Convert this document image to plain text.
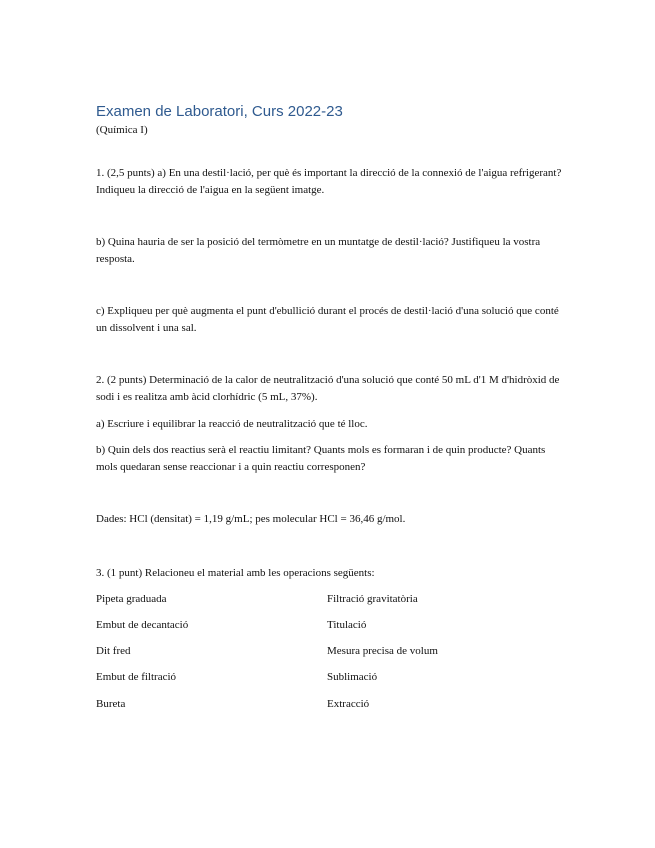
Examen de Laboratori, Curs 2022-23
(Química I)
1. (2,5 punts) a) En una destil·lació, per què és important la direcció de la connexió de l'aigua refrigerant? Indiqueu la direcció de l'aigua en la següent imatge.
b) Quina hauria de ser la posició del termòmetre en un muntatge de destil·lació? Justifiqueu la vostra resposta.
c) Expliqueu per què augmenta el punt d'ebullició durant el procés de destil·lació d'una solució que conté un dissolvent i una sal.
2. (2 punts) Determinació de la calor de neutralització d'una solució que conté 50 mL d'1 M d'hidròxid de sodi i es realitza amb àcid clorhídric (5 mL, 37%).
a) Escriure i equilibrar la reacció de neutralització que té lloc.
b) Quin dels dos reactius serà el reactiu limitant? Quants mols es formaran i de quin producte? Quants mols quedaran sense reaccionar i a quin reactiu corresponen?
Dades: HCl (densitat) = 1,19 g/mL; pes molecular HCl = 36,46 g/mol.
3. (1 punt) Relacioneu el material amb les operacions següents:
Pipeta graduada
Embut de decantació
Dit fred
Embut de filtració
Bureta
Filtració gravitatòria
Titulació
Mesura precisa de volum
Sublimació
Extracció
